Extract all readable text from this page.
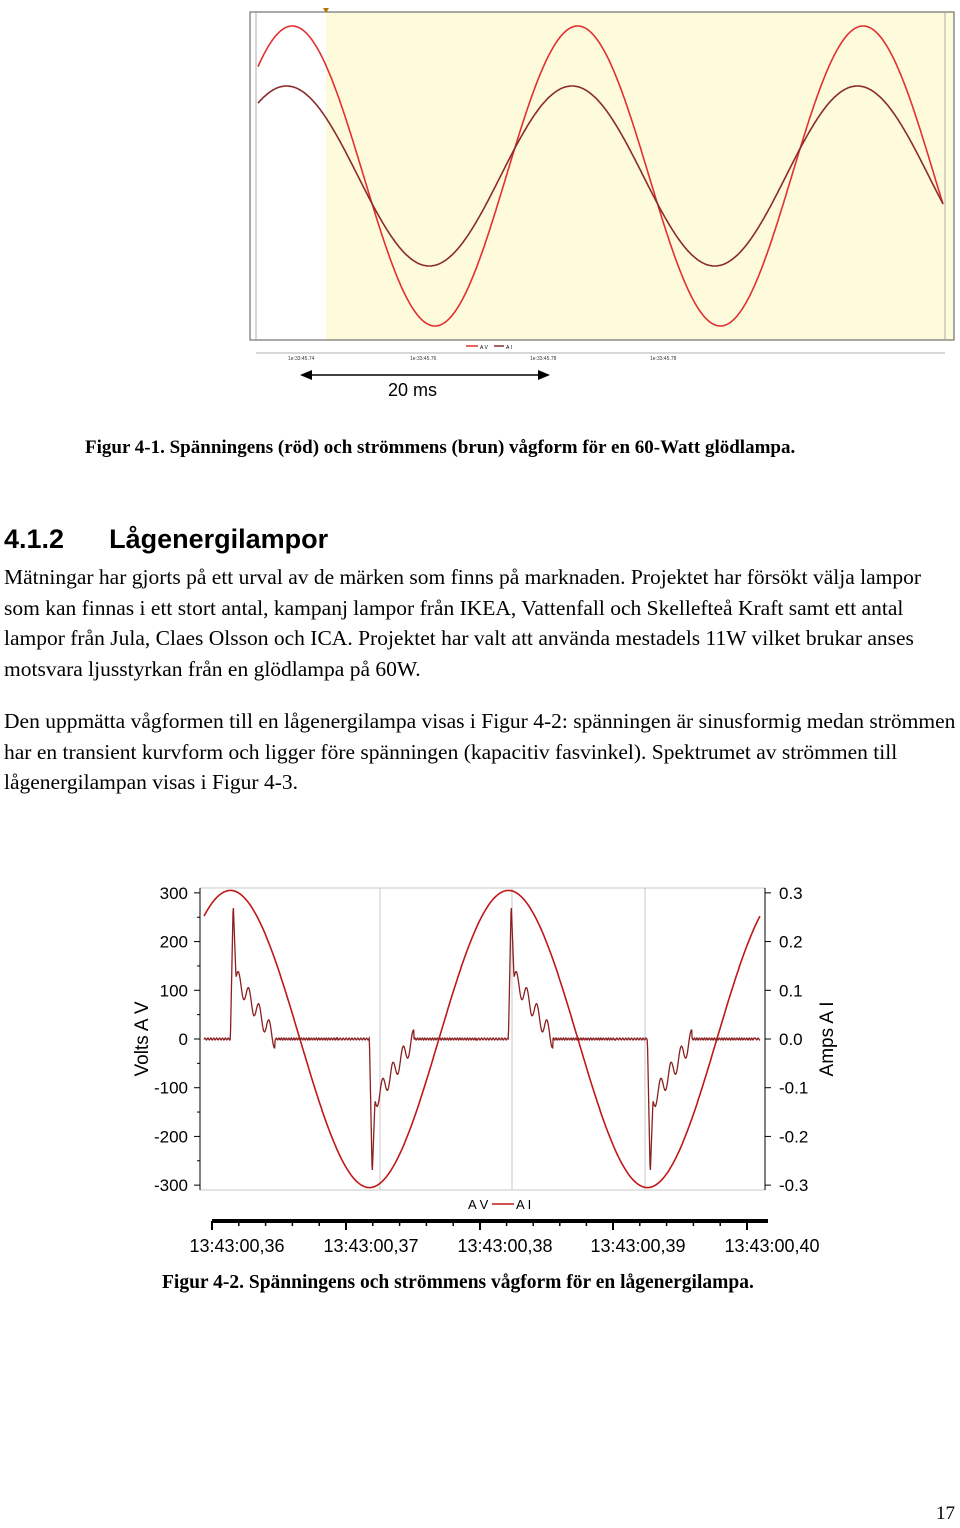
A V	A I
1e:33:45.74	1e:33:45.76	1e:33:45.78	1e:33:45.78
20 ms
Figur 4-1. Spänningens (röd) och strömmens (brun) vågform för en 60-Watt glödlampa.
4.1.2 Lågenergilampor

Mätningar har gjorts på ett urval av de märken som finns på marknaden. Projektet har försökt välja lampor som kan finnas i ett stort antal, kampanj lampor från IKEA, Vattenfall och Skellefteå Kraft samt ett antal lampor från Jula, Claes Olsson och ICA. Projektet har valt att använda mestadels 11W vilket brukar anses motsvara ljusstyrkan från en glödlampa på 60W.

Den uppmätta vågformen till en lågenergilampa visas i Figur 4-2: spänningen är sinusformig medan strömmen har en transient kurvform och ligger före spänningen (kapacitiv fasvinkel). Spektrumet av strömmen till lågenergilampan visas i Figur 4-3.

300
200
100
0
-100
-200
-300
0.3
0.2
0.1
0.0
-0.1
-0.2
-0.3
Volts A V	Amps A I
A V A I
13:43:00,36 13:43:00,37 13:43:00,38 13:43:00,39 13:43:00,40
Figur 4-2. Spänningens och strömmens vågform för en lågenergilampa.
17
